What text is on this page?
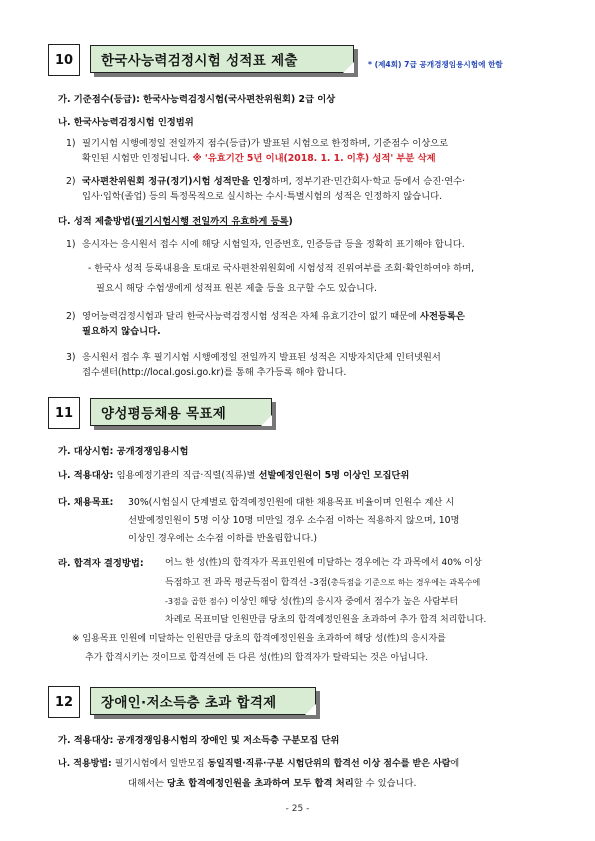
10	한국사능력검정시험 성적표 제출	* (제4회) 7급 공개경쟁임용시험에 한함
가. 기준점수(등급): 한국사능력검정시험(국사편찬위원회) 2급 이상
나. 한국사능력검정시험 인정범위
1) 필기시험 시행예정일 전일까지 점수(등급)가 발표된 시험으로 한정하며, 기준점수 이상으로
확인된 시험만 인정됩니다. ※ '유효기간 5년 이내(2018. 1. 1. 이후) 성적' 부분 삭제
2) 국사편찬위원회 정규(정기)시험 성적만을 인정하며, 정부기관·민간회사·학교 등에서 승진·연수·
입사·입학(졸업) 등의 특정목적으로 실시하는 수시·특별시험의 성적은 인정하지 않습니다.
다. 성적 제출방법(필기시험시행 전일까지 유효하게 등록)
1) 응시자는 응시원서 접수 시에 해당 시험일자, 인증번호, 인증등급 등을 정확히 표기해야 합니다.
- 한국사 성적 등록내용을 토대로 국사편찬위원회에 시험성적 진위여부를 조회·확인하여야 하며,
필요시 해당 수험생에게 성적표 원본 제출 등을 요구할 수도 있습니다.
2) 영어능력검정시험과 달리 한국사능력검정시험 성적은 자체 유효기간이 없기 때문에 사전등록은
필요하지 않습니다.
3) 응시원서 접수 후 필기시험 시행예정일 전일까지 발표된 성적은 지방자치단체 인터넷원서
접수센터(http://local.gosi.go.kr)를 통해 추가등록 해야 합니다.
11	양성평등채용 목표제
가. 대상시험: 공개경쟁임용시험
나. 적용대상: 임용예정기관의 직급·직렬(직류)별 선발예정인원이 5명 이상인 모집단위
다. 채용목표: 30%(시험실시 단계별로 합격예정인원에 대한 채용목표 비율이며 인원수 계산 시
선발예정인원이 5명 이상 10명 미만일 경우 소수점 이하는 적용하지 않으며, 10명
이상인 경우에는 소수점 이하를 반올림합니다.)
라. 합격자 결정방법: 어느 한 성(性)의 합격자가 목표인원에 미달하는 경우에는 각 과목에서 40% 이상
득점하고 전 과목 평균득점이 합격선 -3점(총득점을 기준으로 하는 경우에는 과목수에
-3점을 곱한 점수) 이상인 해당 성(性)의 응시자 중에서 점수가 높은 사람부터
차례로 목표미달 인원만큼 당초의 합격예정인원을 초과하여 추가 합격 처리합니다.
※ 임용목표 인원에 미달하는 인원만큼 당초의 합격예정인원을 초과하여 해당 성(性)의 응시자를
추가 합격시키는 것이므로 합격선에 든 다른 성(性)의 합격자가 탈락되는 것은 아닙니다.
12	장애인·저소득층 초과 합격제
가. 적용대상: 공개경쟁임용시험의 장애인 및 저소득층 구분모집 단위
나. 적용방법: 필기시험에서 일반모집 동일직렬·직류·구분 시험단위의 합격선 이상 점수를 받은 사람에
대해서는 당초 합격예정인원을 초과하여 모두 합격 처리할 수 있습니다.
- 25 -
